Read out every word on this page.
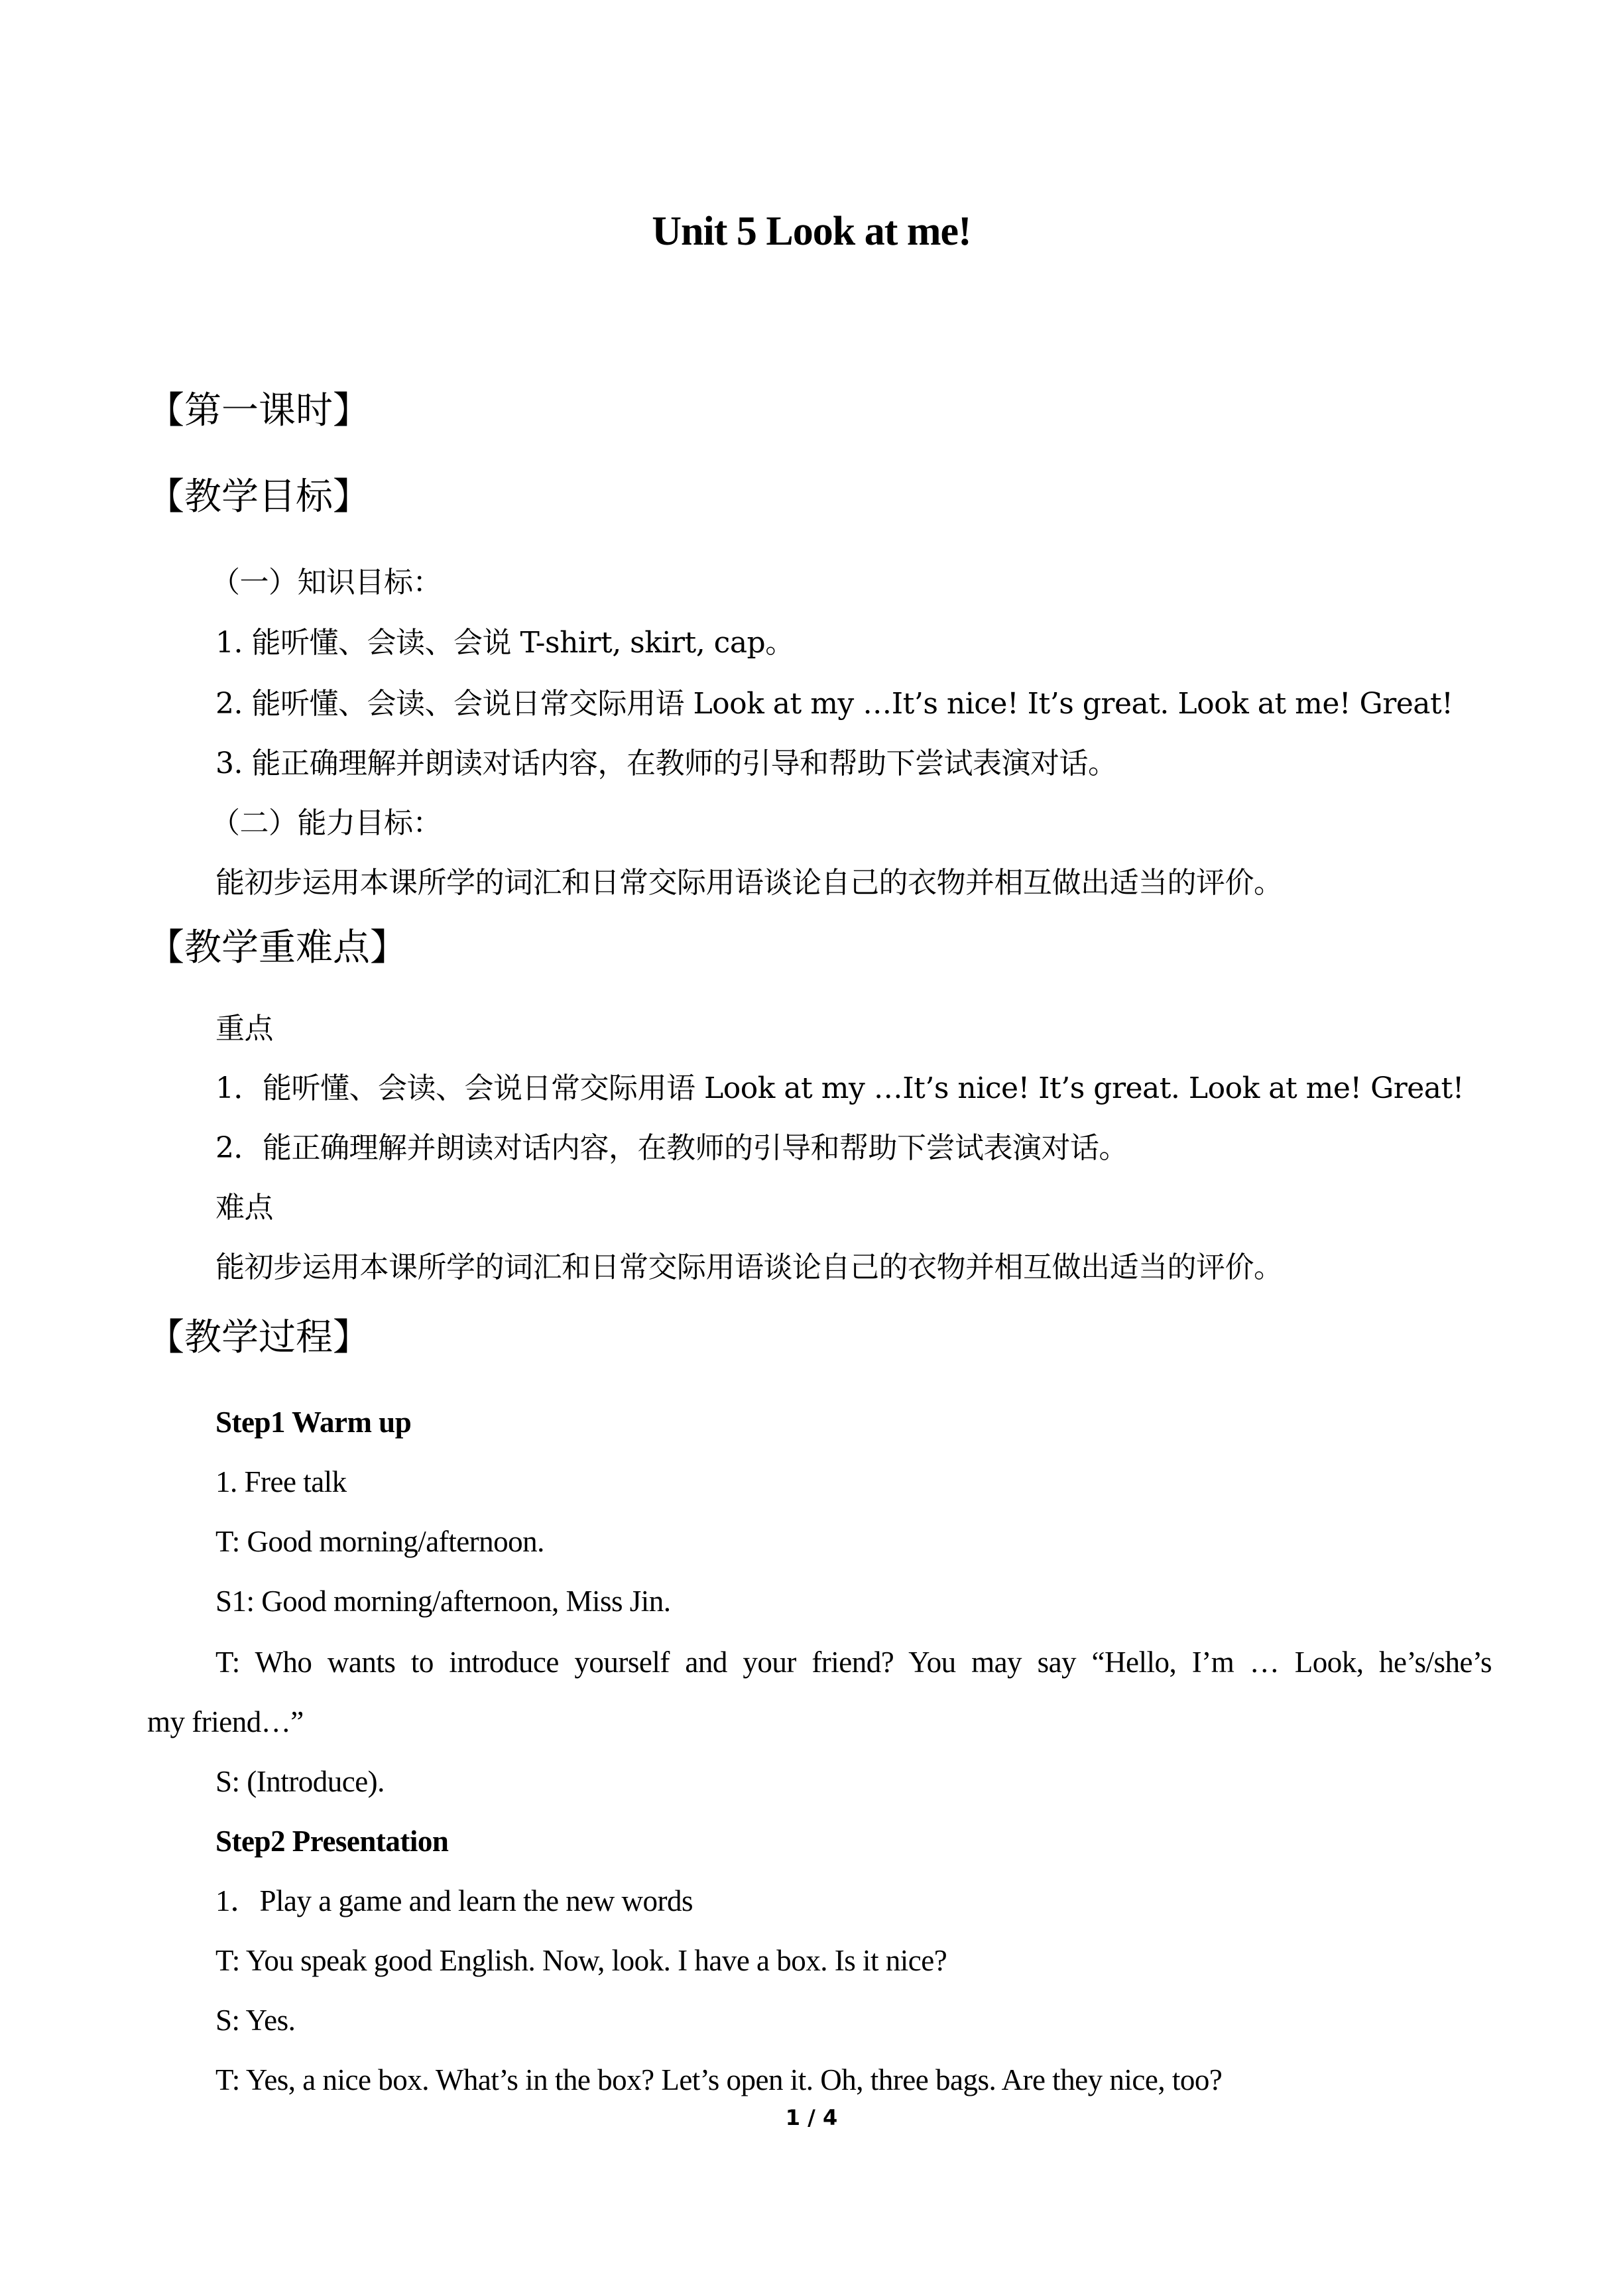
Unit 5 Look at me!
【第一课时】
【教学目标】
（一）知识目标：
1. 能听懂、会读、会说 T-shirt, skirt, cap。
2. 能听懂、会读、会说日常交际用语 Look at my …It’s nice! It’s great. Look at me! Great!
3. 能正确理解并朗读对话内容，在教师的引导和帮助下尝试表演对话。
（二）能力目标：
能初步运用本课所学的词汇和日常交际用语谈论自己的衣物并相互做出适当的评价。
【教学重难点】
重点
1．能听懂、会读、会说日常交际用语 Look at my …It’s nice! It’s great. Look at me! Great!
2．能正确理解并朗读对话内容，在教师的引导和帮助下尝试表演对话。
难点
能初步运用本课所学的词汇和日常交际用语谈论自己的衣物并相互做出适当的评价。
【教学过程】
Step1 Warm up
1. Free talk
T: Good morning/afternoon.
S1: Good morning/afternoon, Miss Jin.
T: Who wants to introduce yourself and your friend? You may say “Hello, I’m … Look, he’s/she’s
my friend…”
S: (Introduce).
Step2 Presentation
1．Play a game and learn the new words
T: You speak good English. Now, look. I have a box. Is it nice?
S: Yes.
T: Yes, a nice box. What’s in the box? Let’s open it. Oh, three bags. Are they nice, too?
1 / 4
